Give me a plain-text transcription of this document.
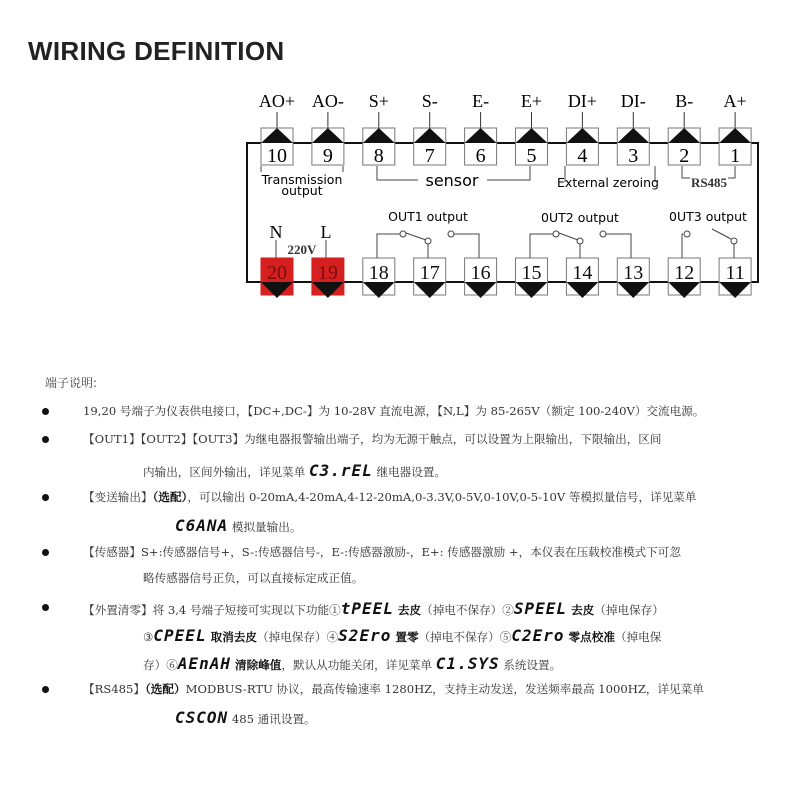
WIRING DEFINITION
AO+
10
AO-
9
S+
8
S-
7
E-
6
E+
5
DI+
4
DI-
3
B-
2
A+
1
20 19 18 17 16 15 14 13 12 11
Transmission
output
sensor	External zeroing RS485
OUT1 output	0UT2 output	0UT3 output
N L
220V
端子说明:
19,20 号端子为仪表供电接口，【DC+,DC-】为 10-28V 直流电源，【N,L】为 85-265V（额定 100-240V）交流电源。
【OUT1】【OUT2】【OUT3】为继电器报警输出端子，均为无源干触点，可以设置为上限输出，下限输出，区间
内输出，区间外输出，详见菜单 C3.rEL 继电器设置。
【变送输出】（选配），可以输出 0-20mA,4-20mA,4-12-20mA,0-3.3V,0-5V,0-10V,0-5-10V 等模拟量信号，详见菜单
C6ANA 模拟量输出。
【传感器】S+:传感器信号+，S-:传感器信号-，E-:传感器激励-，E+: 传感器激励 +，本仪表在压载校准模式下可忽
略传感器信号正负，可以直接标定成正值。
【外置清零】将 3,4 号端子短接可实现以下功能①tPEEL 去皮（掉电不保存）②SPEEL 去皮（掉电保存）
③CPEEL 取消去皮（掉电保存）④S2Ero 置零（掉电不保存）⑤C2Ero 零点校准（掉电保
存）⑥AEnAH 清除峰值，默认从功能关闭，详见菜单 C1.SYS 系统设置。
【RS485】（选配）MODBUS-RTU 协议，最高传输速率 1280HZ，支持主动发送，发送频率最高 1000HZ，详见菜单
CSCON 485 通讯设置。
